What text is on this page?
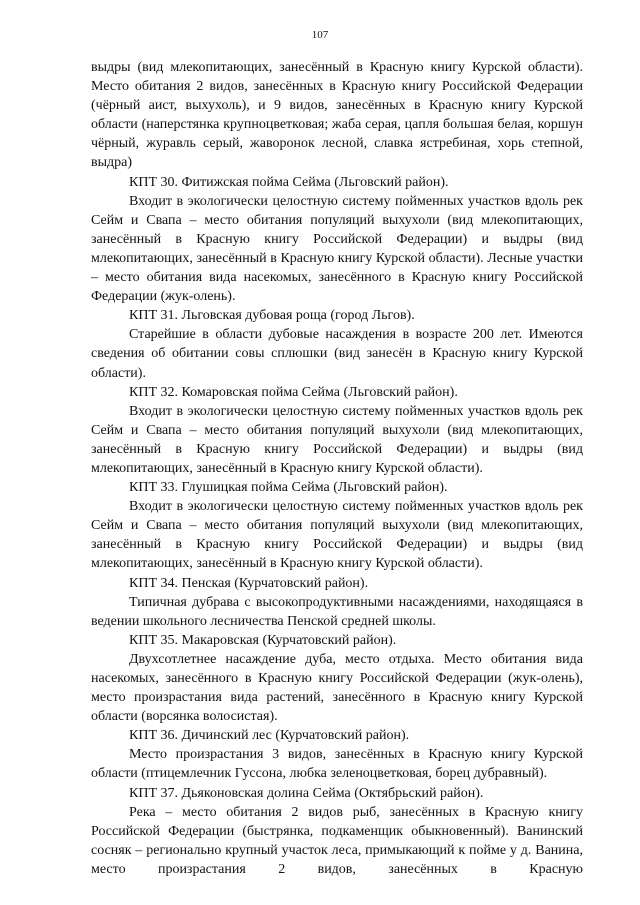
107

выдры (вид млекопитающих, занесённый в Красную книгу Курской области). Место обитания 2 видов, занесённых в Красную книгу Российской Федерации (чёрный аист, выхухоль), и 9 видов, занесённых в Красную книгу Курской области (наперстянка крупноцветковая; жаба серая, цапля большая белая, коршун чёрный, журавль серый, жаворонок лесной, славка ястребиная, хорь степной, выдра)

КПТ 30. Фитижская пойма Сейма (Льговский район).

Входит в экологически целостную систему пойменных участков вдоль рек Сейм и Свапа – место обитания популяций выхухоли (вид млекопитающих, занесённый в Красную книгу Российской Федерации) и выдры (вид млекопитающих, занесённый в Красную книгу Курской области). Лесные участки – место обитания вида насекомых, занесённого в Красную книгу Российской Федерации (жук-олень).

КПТ 31. Льговская дубовая роща (город Льгов).

Старейшие в области дубовые насаждения в возрасте 200 лет. Имеются сведения об обитании совы сплюшки (вид занесён в Красную книгу Курской области).

КПТ 32. Комаровская пойма Сейма (Льговский район).

Входит в экологически целостную систему пойменных участков вдоль рек Сейм и Свапа – место обитания популяций выхухоли (вид млекопитающих, занесённый в Красную книгу Российской Федерации) и выдры (вид млекопитающих, занесённый в Красную книгу Курской области).

КПТ 33. Глушицкая пойма Сейма (Льговский район).

Входит в экологически целостную систему пойменных участков вдоль рек Сейм и Свапа – место обитания популяций выхухоли (вид млекопитающих, занесённый в Красную книгу Российской Федерации) и выдры (вид млекопитающих, занесённый в Красную книгу Курской области).

КПТ 34. Пенская (Курчатовский район).

Типичная дубрава с высокопродуктивными насаждениями, находящаяся в ведении школьного лесничества Пенской средней школы.

КПТ 35. Макаровская (Курчатовский район).

Двухсотлетнее насаждение дуба, место отдыха. Место обитания вида насекомых, занесённого в Красную книгу Российской Федерации (жук-олень), место произрастания вида растений, занесённого в Красную книгу Курской области (ворсянка волосистая).

КПТ 36. Дичинский лес (Курчатовский район).

Место произрастания 3 видов, занесённых в Красную книгу Курской области (птицемлечник Гуссона, любка зеленоцветковая, борец дубравный).

КПТ 37. Дьяконовская долина Сейма (Октябрьский район).

Река – место обитания 2 видов рыб, занесённых в Красную книгу Российской Федерации (быстрянка, подкаменщик обыкновенный). Ванинский сосняк – регионально крупный участок леса, примыкающий к пойме у д. Ванина, место произрастания 2 видов, занесённых в Красную
